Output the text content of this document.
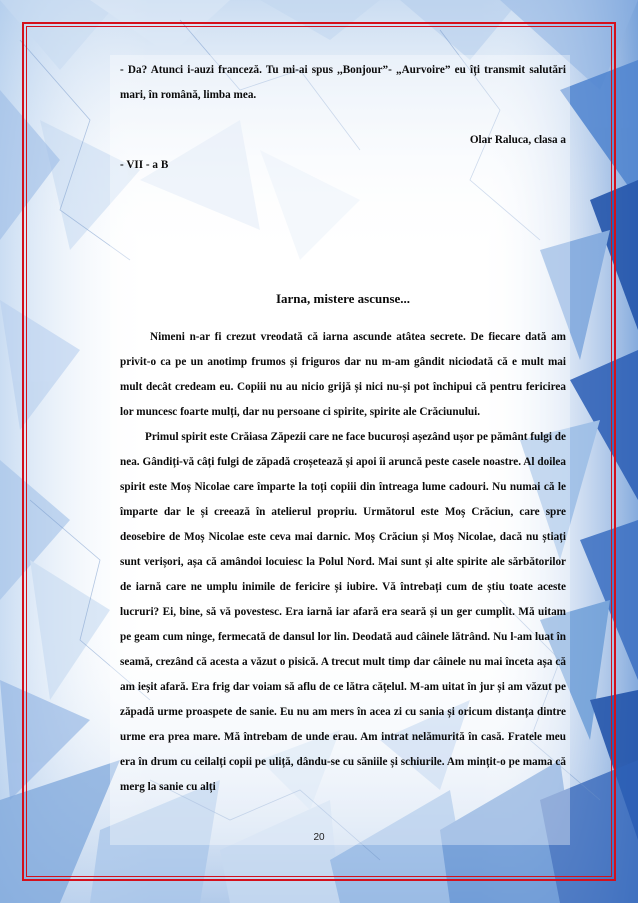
- Da? Atunci i-auzi franceză. Tu mi-ai spus ,,Bonjour”- „Aurvoire” eu îți transmit salutări mari, în română, limba mea.

Olar Raluca, clasa a

- VII - a B

Iarna, mistere ascunse...

Nimeni n-ar fi crezut vreodată că iarna ascunde atâtea secrete. De fiecare dată am privit-o ca pe un anotimp frumos și friguros dar nu m-am gândit niciodată că e mult mai mult decât credeam eu. Copiii nu au nicio grijă și nici nu-și pot închipui că pentru fericirea lor muncesc foarte mulți, dar nu persoane ci spirite, spirite ale Crăciunului.

Primul spirit este Crăiasa Zăpezii care ne face bucuroși așezând ușor pe pământ fulgi de nea. Gândiți-vă câți fulgi de zăpadă croșetează și apoi îi aruncă peste casele noastre. Al doilea spirit este Moș Nicolae care împarte la toți copiii din întreaga lume cadouri. Nu numai că le împarte dar le și creează în atelierul propriu. Următorul este Moș Crăciun, care spre deosebire de Moș Nicolae este ceva mai darnic. Moș Crăciun și Moș Nicolae, dacă nu știați sunt verișori, așa că amândoi locuiesc la Polul Nord. Mai sunt și alte spirite ale sărbătorilor de iarnă care ne umplu inimile de fericire și iubire. Vă întrebați cum de știu toate aceste lucruri? Ei, bine, să vă povestesc. Era iarnă iar afară era seară și un ger cumplit. Mă uitam pe geam cum ninge, fermecată de dansul lor lin. Deodată aud câinele lătrând. Nu l-am luat în seamă, crezând că acesta a văzut o pisică. A trecut mult timp dar câinele nu mai înceta așa că am ieșit afară. Era frig dar voiam să aflu de ce lătra cățelul. M-am uitat în jur și am văzut pe zăpadă urme proaspete de sanie. Eu nu am mers în acea zi cu sania și oricum distanța dintre urme era prea mare. Mă întrebam de unde erau. Am intrat nelămurită în casă. Fratele meu era în drum cu ceilalți copii pe uliță, dându-se cu săniile și schiurile. Am mințit-o pe mama că merg la sanie cu alți

20
